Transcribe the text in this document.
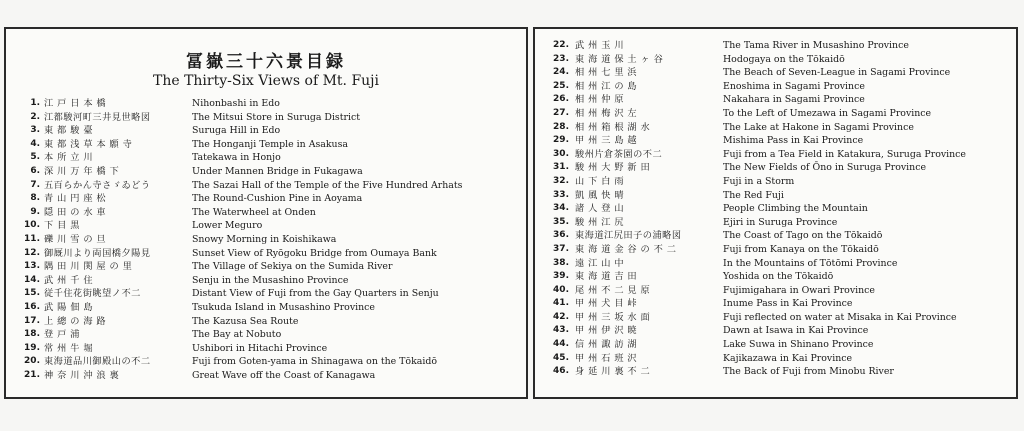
冨嶽三十六景目録
The Thirty-Six Views of Mt. Fuji
1. 江 戸 日 本 橋	Nihonbashi in Edo
2. 江都駿河町三井見世略図	The Mitsui Store in Suruga District
3. 東 都 駿 臺	Suruga Hill in Edo
4. 東 都 浅 草 本 願 寺	The Honganji Temple in Asakusa
5. 本 所 立 川	Tatekawa in Honjo
6. 深 川 万 年 橋 下	Under Mannen Bridge in Fukagawa
7. 五百らかん寺さゞゐどう	The Sazai Hall of the Temple of the Five Hundred Arhats
8. 青 山 円 座 松	The Round-Cushion Pine in Aoyama
9. 隠 田 の 水 車	The Waterwheel at Onden
10. 下 目 黒	Lower Meguro
11. 礫 川 雪 の 旦	Snowy Morning in Koishikawa
12. 御厩川より両国橋夕陽見	Sunset View of Ryōgoku Bridge from Oumaya Bank
13. 隅 田 川 関 屋 の 里	The Village of Sekiya on the Sumida River
14. 武 州 千 住	Senju in the Musashino Province
15. 従千住花街眺望ノ不二	Distant View of Fuji from the Gay Quarters in Senju
16. 武 陽 佃 島	Tsukuda Island in Musashino Province
17. 上 總 の 海 路	The Kazusa Sea Route
18. 登 戸 浦	The Bay at Nobuto
19. 常 州 牛 堀	Ushibori in Hitachi Province
20. 東海道品川御殿山の不二	Fuji from Goten-yama in Shinagawa on the Tōkaidō
21. 神 奈 川 沖 浪 裏	Great Wave off the Coast of Kanagawa
22. 武 州 玉 川	The Tama River in Musashino Province
23. 東 海 道 保 土 ヶ 谷	Hodogaya on the Tōkaidō
24. 相 州 七 里 浜	The Beach of Seven-League in Sagami Province
25. 相 州 江 の 島	Enoshima in Sagami Province
26. 相 州 仲 原	Nakahara in Sagami Province
27. 相 州 梅 沢 左	To the Left of Umezawa in Sagami Province
28. 相 州 箱 根 湖 水	The Lake at Hakone in Sagami Province
29. 甲 州 三 島 越	Mishima Pass in Kai Province
30. 駿州片倉茶園の不二	Fuji from a Tea Field in Katakura, Suruga Province
31. 駿 州 大 野 新 田	The New Fields of Ōno in Suruga Province
32. 山 下 白 雨	Fuji in a Storm
33. 凱 風 快 晴	The Red Fuji
34. 諸 人 登 山	People Climbing the Mountain
35. 駿 州 江 尻	Ejiri in Suruga Province
36. 東海道江尻田子の浦略図	The Coast of Tago on the Tōkaidō
37. 東 海 道 金 谷 の 不 二	Fuji from Kanaya on the Tōkaidō
38. 遠 江 山 中	In the Mountains of Tōtōmi Province
39. 東 海 道 吉 田	Yoshida on the Tōkaidō
40. 尾 州 不 二 見 原	Fujimigahara in Owari Province
41. 甲 州 犬 目 峠	Inume Pass in Kai Province
42. 甲 州 三 坂 水 面	Fuji reflected on water at Misaka in Kai Province
43. 甲 州 伊 沢 暁	Dawn at Isawa in Kai Province
44. 信 州 諏 訪 湖	Lake Suwa in Shinano Province
45. 甲 州 石 班 沢	Kajikazawa in Kai Province
46. 身 延 川 裏 不 二	The Back of Fuji from Minobu River
